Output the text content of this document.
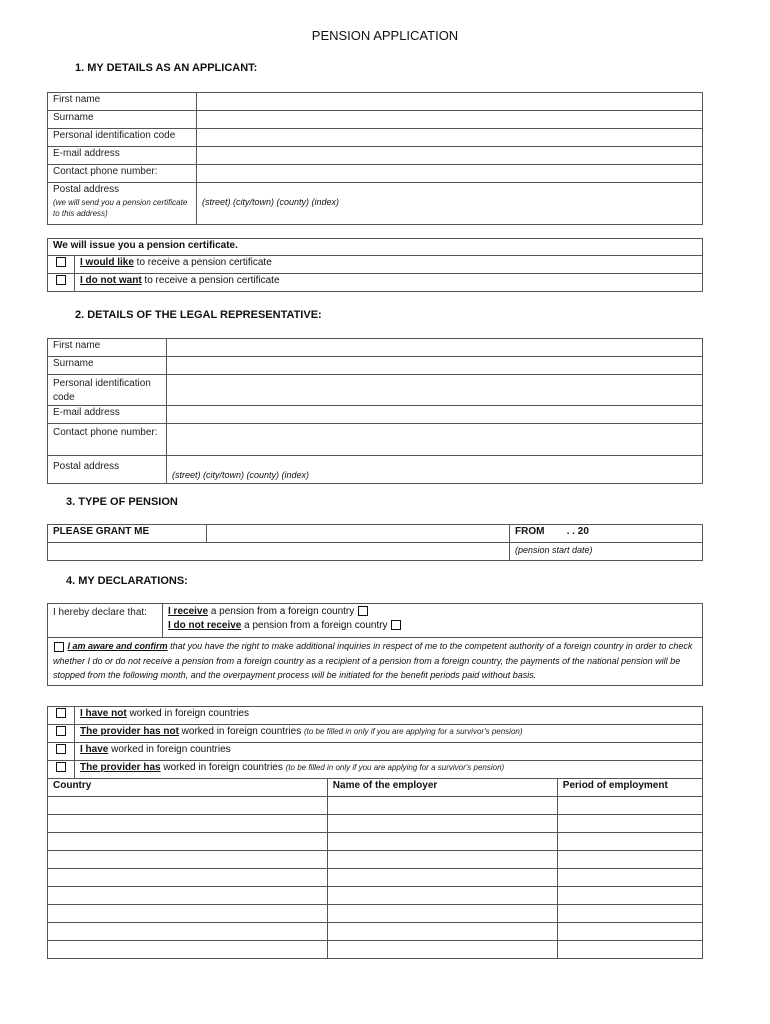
PENSION APPLICATION
1. MY DETAILS AS AN APPLICANT:
First name	
Surname	
Personal identification code	
E-mail address	
Contact phone number:	

Postal address
(we will send you a pension certificate to this address)	(street) (city/town) (county) (index)
We will issue you a pension certificate.	
	I would like to receive a pension certificate
	I do not want to receive a pension certificate
2. DETAILS OF THE LEGAL REPRESENTATIVE:
First name	
Surname	
Personal identification code	
E-mail address	
Contact phone number:	
Postal address	(street) (city/town) (county) (index)
3. TYPE OF PENSION
PLEASE GRANT ME		FROM . . 20
		(pension start date)
4. MY DECLARATIONS:
I hereby declare that:	I receive a pension from a foreign country
I do not receive a pension from a foreign country

I am aware and confirm that you have the right to make additional inquiries in respect of me to the competent authority of a foreign country in order to check whether I do or do not receive a pension from a foreign country as a recipient of a pension from a foreign country, the payments of the national pension will be stopped from the following month, and the overpayment process will be initiated for the benefit periods paid without basis.
	I have not worked in foreign countries		
	The provider has not worked in foreign countries (to be filled in only if you are applying for a survivor's pension)		
	I have worked in foreign countries		
	The provider has worked in foreign countries (to be filled in only if you are applying for a survivor's pension)		
Country		Name of the employer	Period of employment
